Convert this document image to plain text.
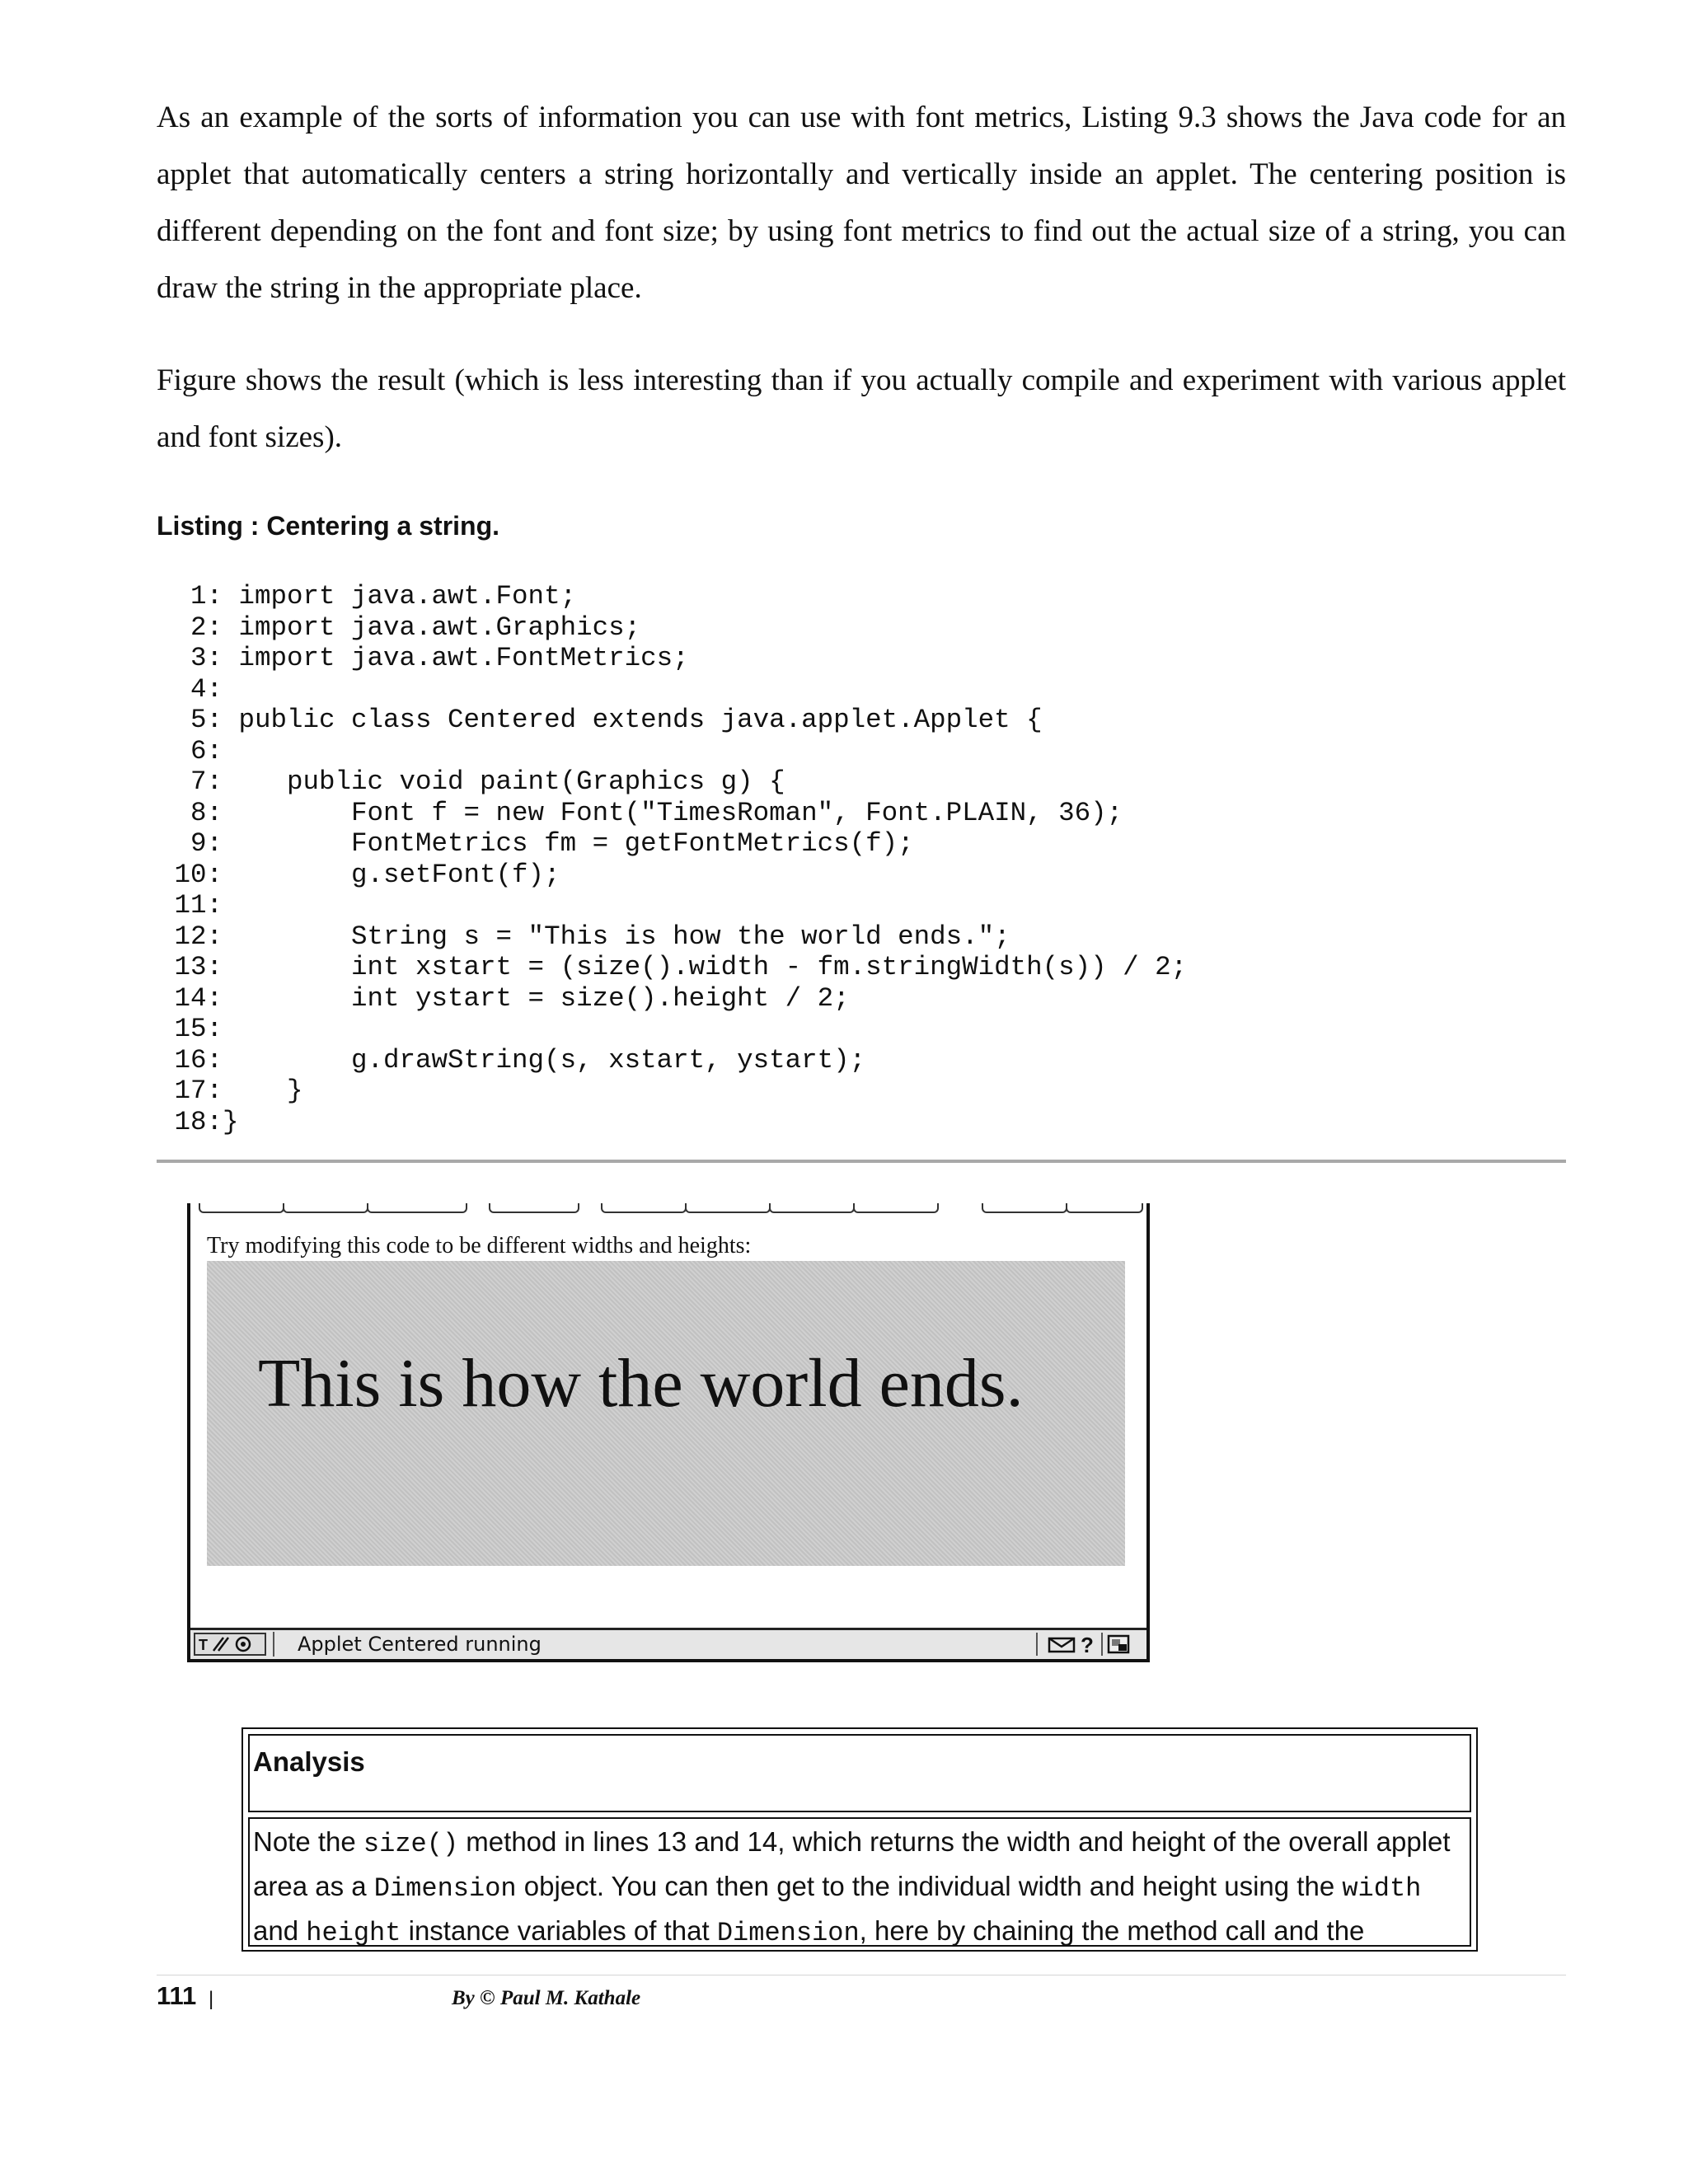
As an example of the sorts of information you can use with font metrics, Listing 9.3 shows the Java code for an applet that automatically centers a string horizontally and vertically inside an applet. The centering position is different depending on the font and font size; by using font metrics to find out the actual size of a string, you can draw the string in the appropriate place.

Figure shows the result (which is less interesting than if you actually compile and experiment with various applet and font sizes).

Listing : Centering a string.

1: import java.awt.Font;
2: import java.awt.Graphics;
3: import java.awt.FontMetrics;
4:
5: public class Centered extends java.applet.Applet {
6:
7:    public void paint(Graphics g) {
8:        Font f = new Font("TimesRoman", Font.PLAIN, 36);
9:        FontMetrics fm = getFontMetrics(f);
10:        g.setFont(f);
11:
12:        String s = "This is how the world ends.";
13:        int xstart = (size().width - fm.stringWidth(s)) / 2;
14:        int ystart = size().height / 2;
15:
16:        g.drawString(s, xstart, ystart);
17:    }
18:}
Try modifying this code to be different widths and heights:
This is how the world ends.
T	Applet Centered running	?
Analysis
Note the size() method in lines 13 and 14, which returns the width and height of the overall applet area as a Dimension object. You can then get to the individual width and height using the width and height instance variables of that Dimension, here by chaining the method call and the
111 |	By © Paul M. Kathale
